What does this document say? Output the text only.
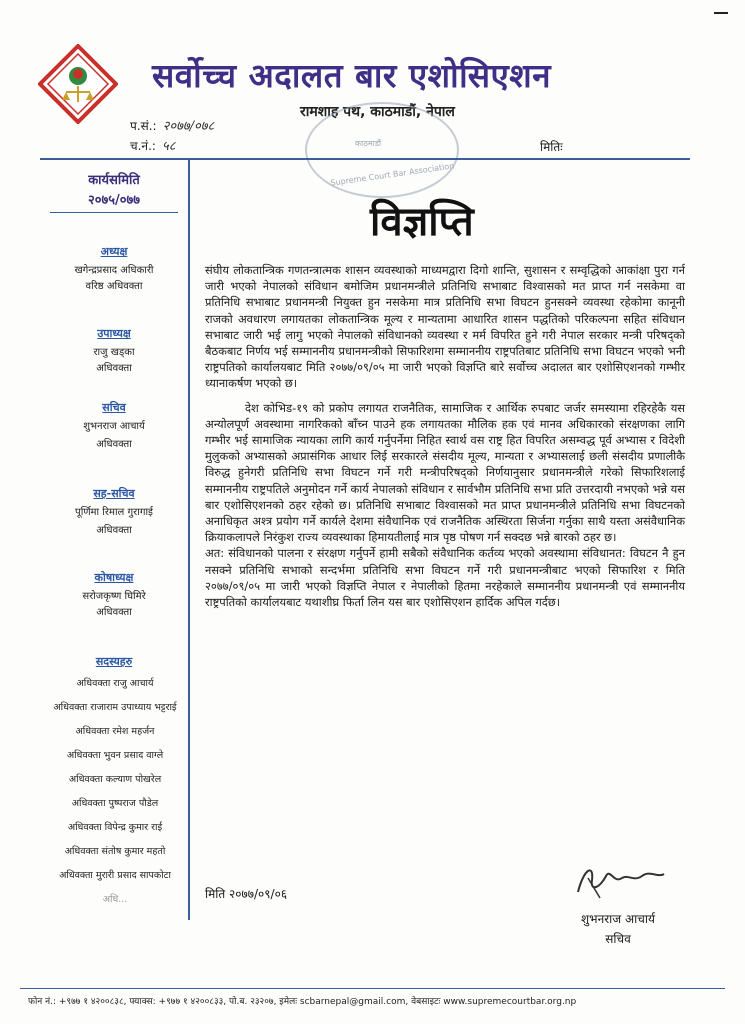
सर्वोच्च अदालत बार एशोसिएशन
रामशाह पथ, काठमाडौं, नेपाल
प.सं.: २०७७/०७८
च.नं.: ५८	मितिः
काठमाडौं
Supreme Court Bar Association
कार्यसमिति
२०७५/०७७
अध्यक्ष
खगेन्द्रप्रसाद अधिकारी
वरिष्ठ अधिवक्ता
उपाध्यक्ष
राजु खड्का
अधिवक्ता
सचिव
शुभनराज आचार्य
अधिवक्ता
सह-सचिव
पूर्णिमा रिमाल गुरागाई
अधिवक्ता
कोषाध्यक्ष
सरोजकृष्ण घिमिरे
अधिवक्ता
सदस्यहरु
अधिवक्ता राजु आचार्य
अधिवक्ता राजाराम उपाध्याय भट्टराई
अधिवक्ता रमेश महर्जन
अधिवक्ता भुवन प्रसाद वाग्ले
अधिवक्ता कल्याण पोखरेल
अधिवक्ता पुष्पराज पौडेल
अधिवक्ता विपेन्द्र कुमार राई
अधिवक्ता संतोष कुमार महतो
अधिवक्ता मुरारी प्रसाद सापकोटा
अधि...
विज्ञप्ति

संघीय लोकतान्त्रिक गणतन्त्रात्मक शासन व्यवस्थाको माध्यमद्वारा दिगो शान्ति, सुशासन र सम्वृद्धिको आकांक्षा पुरा गर्न जारी भएको नेपालको संविधान बमोजिम प्रधानमन्त्रीले प्रतिनिधि सभाबाट विश्वासको मत प्राप्त गर्न नसकेमा वा प्रतिनिधि सभाबाट प्रधानमन्त्री नियुक्त हुन नसकेमा मात्र प्रतिनिधि सभा विघटन हुनसक्ने व्यवस्था रहेकोमा कानूनी राजको अवधारण लगायतका लोकतान्त्रिक मूल्य र मान्यतामा आधारित शासन पद्धतिको परिकल्पना सहित संविधान सभाबाट जारी भई लागु भएको नेपालको संविधानको व्यवस्था र मर्म विपरित हुने गरी नेपाल सरकार मन्त्री परिषद्को बैठकबाट निर्णय भई सम्माननीय प्रधानमन्त्रीको सिफारिशमा सम्माननीय राष्ट्रपतिबाट प्रतिनिधि सभा विघटन भएको भनी राष्ट्रपतिको कार्यालयबाट मिति २०७७/०९/०५ मा जारी भएको विज्ञप्ति बारे सर्वोच्च अदालत बार एशोसिएशनको गम्भीर ध्यानाकर्षण भएको छ।

देश कोभिड-१९ को प्रकोप लगायत राजनैतिक, सामाजिक र आर्थिक रुपबाट जर्जर समस्यामा रहिरहेकै यस अन्योलपूर्ण अवस्थामा नागरिकको बाँच्न पाउने हक लगायतका मौलिक हक एवं मानव अधिकारको संरक्षणका लागि गम्भीर भई सामाजिक न्यायका लागि कार्य गर्नुपर्नेमा निहित स्वार्थ वस राष्ट्र हित विपरित असम्वद्ध पूर्व अभ्यास र विदेशी मुलुकको अभ्यासको अप्रासंगिक आधार लिई सरकारले संसदीय मूल्य, मान्यता र अभ्यासलाई छली संसदीय प्रणालीकै विरुद्ध हुनेगरी प्रतिनिधि सभा विघटन गर्ने गरी मन्त्रीपरिषद्को निर्णयानुसार प्रधानमन्त्रीले गरेको सिफारिशलाई सम्माननीय राष्ट्रपतिले अनुमोदन गर्ने कार्य नेपालको संविधान र सार्वभौम प्रतिनिधि सभा प्रति उत्तरदायी नभएको भन्ने यस बार एशोसिएशनको ठहर रहेको छ। प्रतिनिधि सभाबाट विश्वासको मत प्राप्त प्रधानमन्त्रीले प्रतिनिधि सभा विघटनको अनाधिकृत अश्त्र प्रयोग गर्ने कार्यले देशमा संवैधानिक एवं राजनैतिक अस्थिरता सिर्जना गर्नुका साथै यस्ता असंवैधानिक क्रियाकलापले निरंकुश राज्य व्यवस्थाका हिमायतीलाई मात्र पृष्ठ पोषण गर्न सक्दछ भन्ने बारको ठहर छ।

अत: संविधानको पालना र संरक्षण गर्नुपर्ने हामी सबैको संवैधानिक कर्तव्य भएको अवस्थामा संविधानत: विघटन नै हुन नसक्ने प्रतिनिधि सभाको सन्दर्भमा प्रतिनिधि सभा विघटन गर्ने गरी प्रधानमन्त्रीबाट भएको सिफारिश र मिति २०७७/०९/०५ मा जारी भएको विज्ञप्ति नेपाल र नेपालीको हितमा नरहेकाले सम्माननीय प्रधानमन्त्री एवं सम्माननीय राष्ट्रपतिको कार्यालयबाट यथाशीघ्र फिर्ता लिन यस बार एशोसिएशन हार्दिक अपिल गर्दछ।

मिति २०७७/०९/०६
शुभनराज आचार्य
सचिव
फोन नं.: +९७७ १ ४२००८३८, फ्याक्स: +९७७ १ ४२००८३३, पो.ब. २३२०७, इमेलः scbarnepal@gmail.com, वेबसाइटः www.supremecourtbar.org.np
